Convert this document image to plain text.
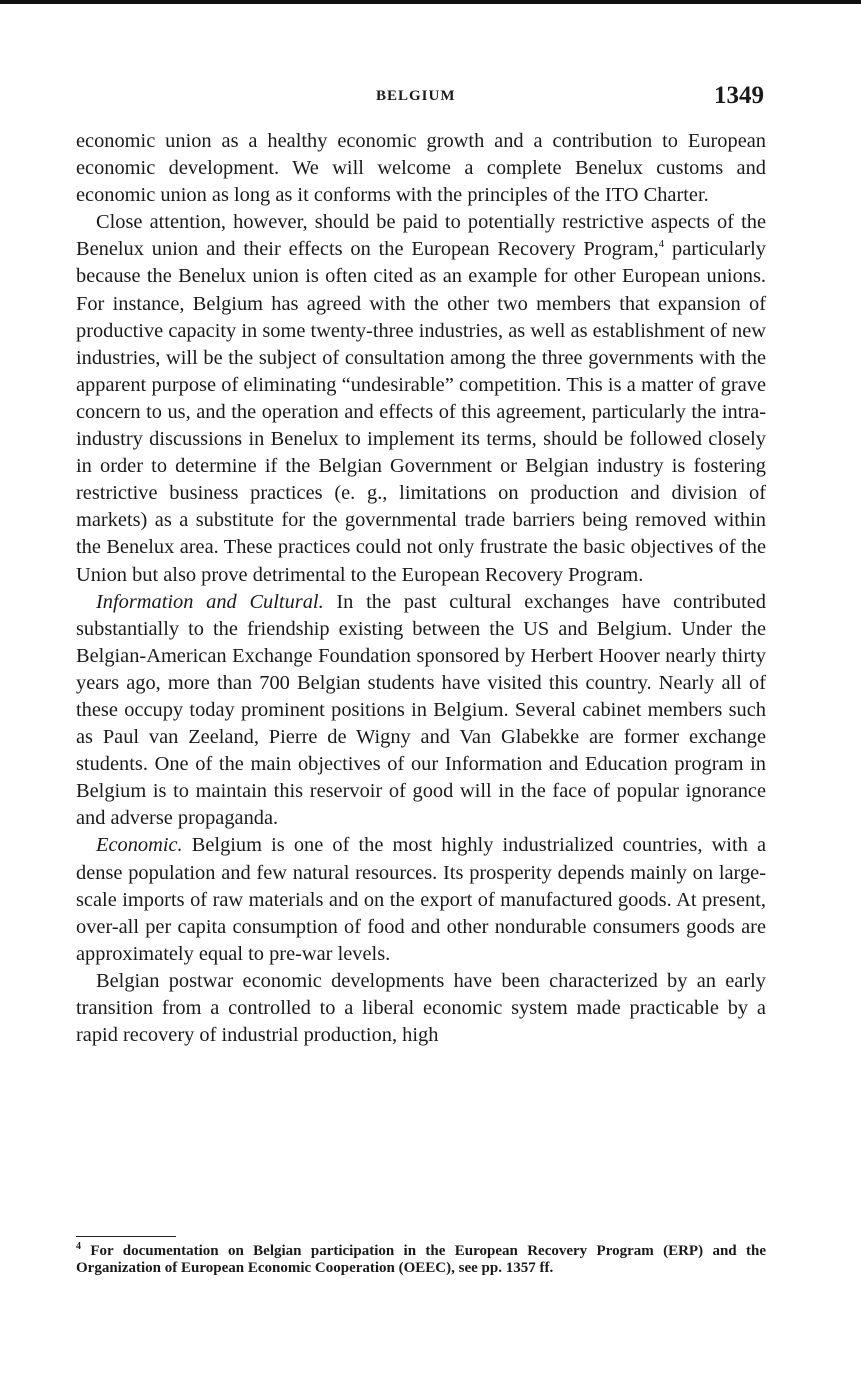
BELGIUM	1349

economic union as a healthy economic growth and a contribution to European economic development. We will welcome a complete Benelux customs and economic union as long as it conforms with the principles of the ITO Charter.

Close attention, however, should be paid to potentially restrictive aspects of the Benelux union and their effects on the European Recovery Program,$^4$ particularly because the Benelux union is often cited as an example for other European unions. For instance, Belgium has agreed with the other two members that expansion of productive capacity in some twenty-three industries, as well as establishment of new industries, will be the subject of consultation among the three governments with the apparent purpose of eliminating “undesirable” competition. This is a matter of grave concern to us, and the operation and effects of this agreement, particularly the intra-industry discussions in Benelux to implement its terms, should be followed closely in order to determine if the Belgian Government or Belgian industry is fostering restrictive business practices (e. g., limitations on production and division of markets) as a substitute for the governmental trade barriers being removed within the Benelux area. These practices could not only frustrate the basic objectives of the Union but also prove detrimental to the European Recovery Program.

Information and Cultural. In the past cultural exchanges have contributed substantially to the friendship existing between the US and Belgium. Under the Belgian-American Exchange Foundation sponsored by Herbert Hoover nearly thirty years ago, more than 700 Belgian students have visited this country. Nearly all of these occupy today prominent positions in Belgium. Several cabinet members such as Paul van Zeeland, Pierre de Wigny and Van Glabekke are former exchange students. One of the main objectives of our Information and Education program in Belgium is to maintain this reservoir of good will in the face of popular ignorance and adverse propaganda.

Economic. Belgium is one of the most highly industrialized countries, with a dense population and few natural resources. Its prosperity depends mainly on large-scale imports of raw materials and on the export of manufactured goods. At present, over-all per capita consumption of food and other nondurable consumers goods are approximately equal to pre-war levels.

Belgian postwar economic developments have been characterized by an early transition from a controlled to a liberal economic system made practicable by a rapid recovery of industrial production, high

$^4$ For documentation on Belgian participation in the European Recovery Program (ERP) and the Organization of European Economic Cooperation (OEEC), see pp. 1357 ff.
